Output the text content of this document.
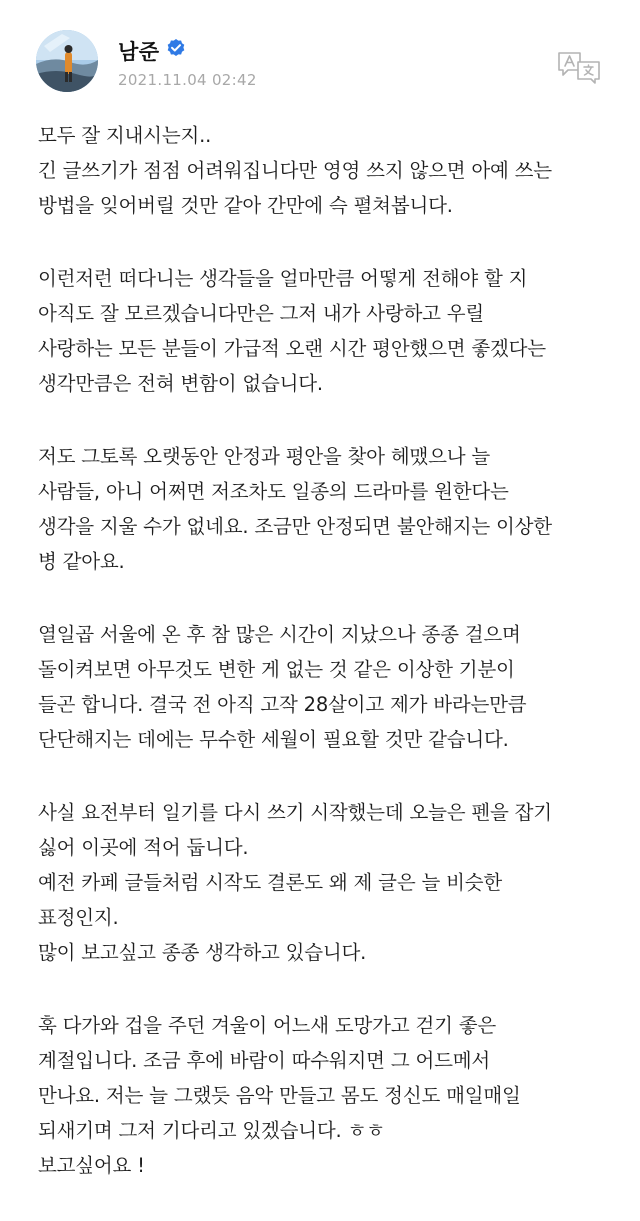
남준
2021.11.04 02:42
모두 잘 지내시는지..
긴 글쓰기가 점점 어려워집니다만 영영 쓰지 않으면 아예 쓰는
방법을 잊어버릴 것만 같아 간만에 슥 펼쳐봅니다.
이런저런 떠다니는 생각들을 얼마만큼 어떻게 전해야 할 지
아직도 잘 모르겠습니다만은 그저 내가 사랑하고 우릴
사랑하는 모든 분들이 가급적 오랜 시간 평안했으면 좋겠다는
생각만큼은 전혀 변함이 없습니다.
저도 그토록 오랫동안 안정과 평안을 찾아 헤맸으나 늘
사람들, 아니 어쩌면 저조차도 일종의 드라마를 원한다는
생각을 지울 수가 없네요. 조금만 안정되면 불안해지는 이상한
병 같아요.
열일곱 서울에 온 후 참 많은 시간이 지났으나 종종 걸으며
돌이켜보면 아무것도 변한 게 없는 것 같은 이상한 기분이
들곤 합니다. 결국 전 아직 고작 28살이고 제가 바라는만큼
단단해지는 데에는 무수한 세월이 필요할 것만 같습니다.
사실 요전부터 일기를 다시 쓰기 시작했는데 오늘은 펜을 잡기
싫어 이곳에 적어 둡니다.
예전 카페 글들처럼 시작도 결론도 왜 제 글은 늘 비슷한
표정인지.
많이 보고싶고 종종 생각하고 있습니다.
훅 다가와 겁을 주던 겨울이 어느새 도망가고 걷기 좋은
계절입니다. 조금 후에 바람이 따수워지면 그 어드메서
만나요. 저는 늘 그랬듯 음악 만들고 몸도 정신도 매일매일
되새기며 그저 기다리고 있겠습니다. ㅎㅎ
보고싶어요 !
